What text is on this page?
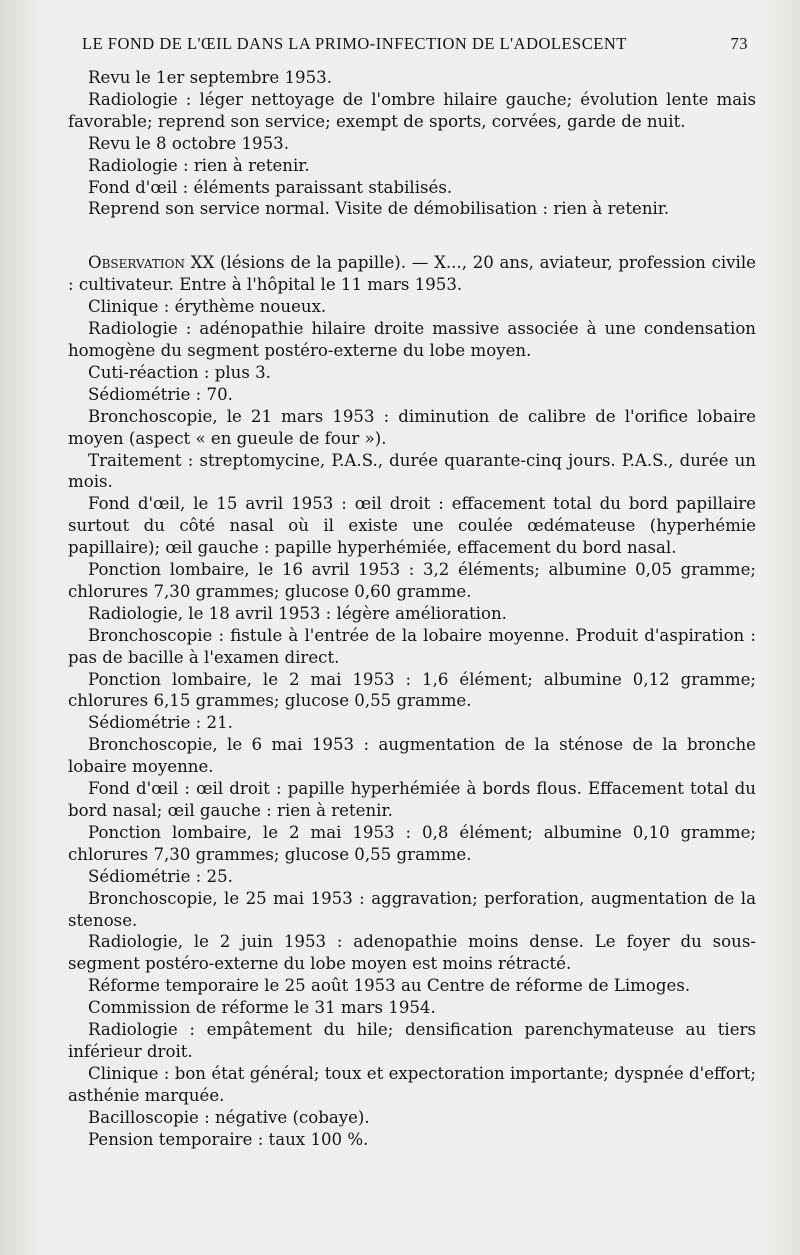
LE FOND DE L'ŒIL DANS LA PRIMO-INFECTION DE L'ADOLESCENT	73

Revu le 1er septembre 1953.

Radiologie : léger nettoyage de l'ombre hilaire gauche; évolution lente mais favorable; reprend son service; exempt de sports, corvées, garde de nuit.

Revu le 8 octobre 1953.

Radiologie : rien à retenir.

Fond d'œil : éléments paraissant stabilisés.

Reprend son service normal. Visite de démobilisation : rien à retenir.

Observation XX (lésions de la papille). — X..., 20 ans, aviateur, profession civile : cultivateur. Entre à l'hôpital le 11 mars 1953.

Clinique : érythème noueux.

Radiologie : adénopathie hilaire droite massive associée à une condensation homogène du segment postéro-externe du lobe moyen.

Cuti-réaction : plus 3.

Sédiométrie : 70.

Bronchoscopie, le 21 mars 1953 : diminution de calibre de l'orifice lobaire moyen (aspect « en gueule de four »).

Traitement : streptomycine, P.A.S., durée quarante-cinq jours. P.A.S., durée un mois.

Fond d'œil, le 15 avril 1953 : œil droit : effacement total du bord papillaire surtout du côté nasal où il existe une coulée œdémateuse (hyperhémie papillaire); œil gauche : papille hyperhémiée, effacement du bord nasal.

Ponction lombaire, le 16 avril 1953 : 3,2 éléments; albumine 0,05 gramme; chlorures 7,30 grammes; glucose 0,60 gramme.

Radiologie, le 18 avril 1953 : légère amélioration.

Bronchoscopie : fistule à l'entrée de la lobaire moyenne. Produit d'aspiration : pas de bacille à l'examen direct.

Ponction lombaire, le 2 mai 1953 : 1,6 élément; albumine 0,12 gramme; chlorures 6,15 grammes; glucose 0,55 gramme.

Sédiométrie : 21.

Bronchoscopie, le 6 mai 1953 : augmentation de la sténose de la bronche lobaire moyenne.

Fond d'œil : œil droit : papille hyperhémiée à bords flous. Effacement total du bord nasal; œil gauche : rien à retenir.

Ponction lombaire, le 2 mai 1953 : 0,8 élément; albumine 0,10 gramme; chlorures 7,30 grammes; glucose 0,55 gramme.

Sédiométrie : 25.

Bronchoscopie, le 25 mai 1953 : aggravation; perforation, augmentation de la stenose.

Radiologie, le 2 juin 1953 : adenopathie moins dense. Le foyer du sous-segment postéro-externe du lobe moyen est moins rétracté.

Réforme temporaire le 25 août 1953 au Centre de réforme de Limoges.

Commission de réforme le 31 mars 1954.

Radiologie : empâtement du hile; densification parenchymateuse au tiers inférieur droit.

Clinique : bon état général; toux et expectoration importante; dyspnée d'effort; asthénie marquée.

Bacilloscopie : négative (cobaye).

Pension temporaire : taux 100 %.
